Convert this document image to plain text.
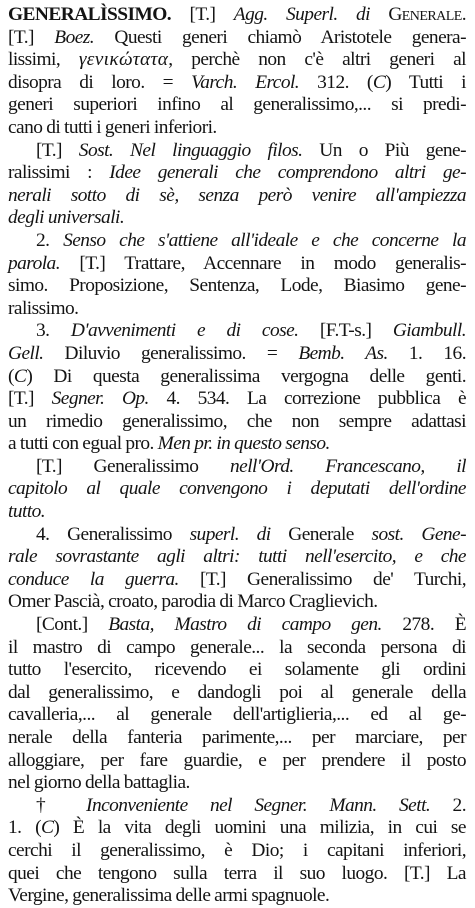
GENERALÌSSIMO. [T.] Agg. Superl. di Generale.
[T.] Boez. Questi generi chiamò Aristotele genera-
lissimi, γενικώτατα, perchè non c'è altri generi al
disopra di loro. = Varch. Ercol. 312. (C) Tutti i
generi superiori infino al generalissimo,... si predi-
cano di tutti i generi inferiori.
[T.] Sost. Nel linguaggio filos. Un o Più gene-
ralissimi : Idee generali che comprendono altri ge-
nerali sotto di sè, senza però venire all'ampiezza
degli universali.
2. Senso che s'attiene all'ideale e che concerne la
parola. [T.] Trattare, Accennare in modo generalis-
simo. Proposizione, Sentenza, Lode, Biasimo gene-
ralissimo.
3. D'avvenimenti e di cose. [F.T-s.] Giambull.
Gell. Diluvio generalissimo. = Bemb. As. 1. 16.
(C) Di questa generalissima vergogna delle genti.
[T.] Segner. Op. 4. 534. La correzione pubblica è
un rimedio generalissimo, che non sempre adattasi
a tutti con egual pro. Men pr. in questo senso.
[T.] Generalissimo nell'Ord. Francescano, il
capitolo al quale convengono i deputati dell'ordine
tutto.
4. Generalissimo superl. di Generale sost. Gene-
rale sovrastante agli altri: tutti nell'esercito, e che
conduce la guerra. [T.] Generalissimo de' Turchi,
Omer Pascià, croato, parodia di Marco Craglievich.
[Cont.] Basta, Mastro di campo gen. 278. È
il mastro di campo generale... la seconda persona di
tutto l'esercito, ricevendo ei solamente gli ordini
dal generalissimo, e dandogli poi al generale della
cavalleria,... al generale dell'artiglieria,... ed al ge-
nerale della fanteria parimente,... per marciare, per
alloggiare, per fare guardie, e per prendere il posto
nel giorno della battaglia.
† Inconveniente nel Segner. Mann. Sett. 2.
1. (C) È la vita degli uomini una milizia, in cui se
cerchi il generalissimo, è Dio; i capitani inferiori,
quei che tengono sulla terra il suo luogo. [T.] La
Vergine, generalissima delle armi spagnuole.
